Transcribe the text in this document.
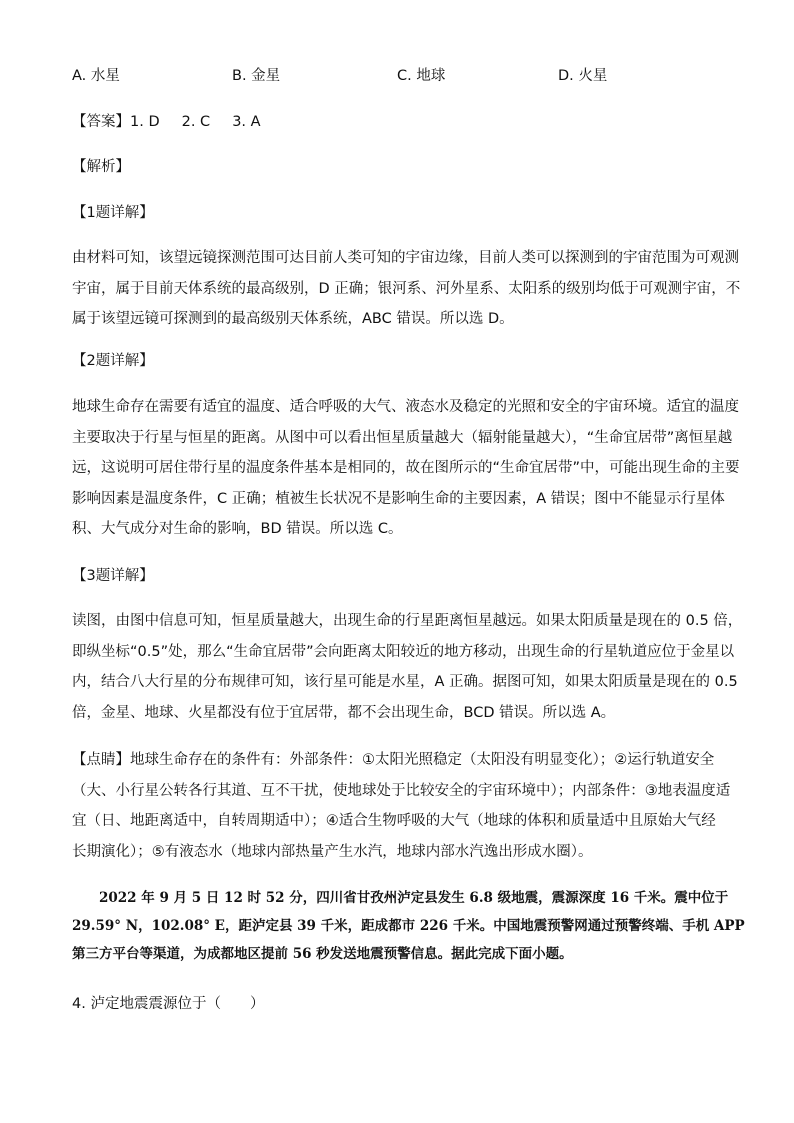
A. 水星	B. 金星	C. 地球	D. 火星
【答案】1. D 2. C 3. A
【解析】
【1题详解】
由材料可知，该望远镜探测范围可达目前人类可知的宇宙边缘，目前人类可以探测到的宇宙范围为可观测
宇宙，属于目前天体系统的最高级别，D 正确；银河系、河外星系、太阳系的级别均低于可观测宇宙，不
属于该望远镜可探测到的最高级别天体系统，ABC 错误。所以选 D。
【2题详解】
地球生命存在需要有适宜的温度、适合呼吸的大气、液态水及稳定的光照和安全的宇宙环境。适宜的温度
主要取决于行星与恒星的距离。从图中可以看出恒星质量越大（辐射能量越大），“生命宜居带”离恒星越
远，这说明可居住带行星的温度条件基本是相同的，故在图所示的“生命宜居带”中，可能出现生命的主要
影响因素是温度条件，C 正确；植被生长状况不是影响生命的主要因素，A 错误；图中不能显示行星体
积、大气成分对生命的影响，BD 错误。所以选 C。
【3题详解】
读图，由图中信息可知，恒星质量越大，出现生命的行星距离恒星越远。如果太阳质量是现在的 0.5 倍，
即纵坐标“0.5”处，那么“生命宜居带”会向距离太阳较近的地方移动，出现生命的行星轨道应位于金星以
内，结合八大行星的分布规律可知，该行星可能是水星，A 正确。据图可知，如果太阳质量是现在的 0.5
倍，金星、地球、火星都没有位于宜居带，都不会出现生命，BCD 错误。所以选 A。
【点睛】地球生命存在的条件有：外部条件：①太阳光照稳定（太阳没有明显变化）；②运行轨道安全
（大、小行星公转各行其道、互不干扰，使地球处于比较安全的宇宙环境中）；内部条件：③地表温度适
宜（日、地距离适中，自转周期适中）；④适合生物呼吸的大气（地球的体积和质量适中且原始大气经
长期演化）；⑤有液态水（地球内部热量产生水汽，地球内部水汽逸出形成水圈）。
　　2022 年 9 月 5 日 12 时 52 分，四川省甘孜州泸定县发生 6.8 级地震，震源深度 16 千米。震中位于
29.59° N，102.08° E，距泸定县 39 千米，距成都市 226 千米。中国地震预警网通过预警终端、手机 APP
第三方平台等渠道，为成都地区提前 56 秒发送地震预警信息。据此完成下面小题。
4. 泸定地震震源位于（　　）
